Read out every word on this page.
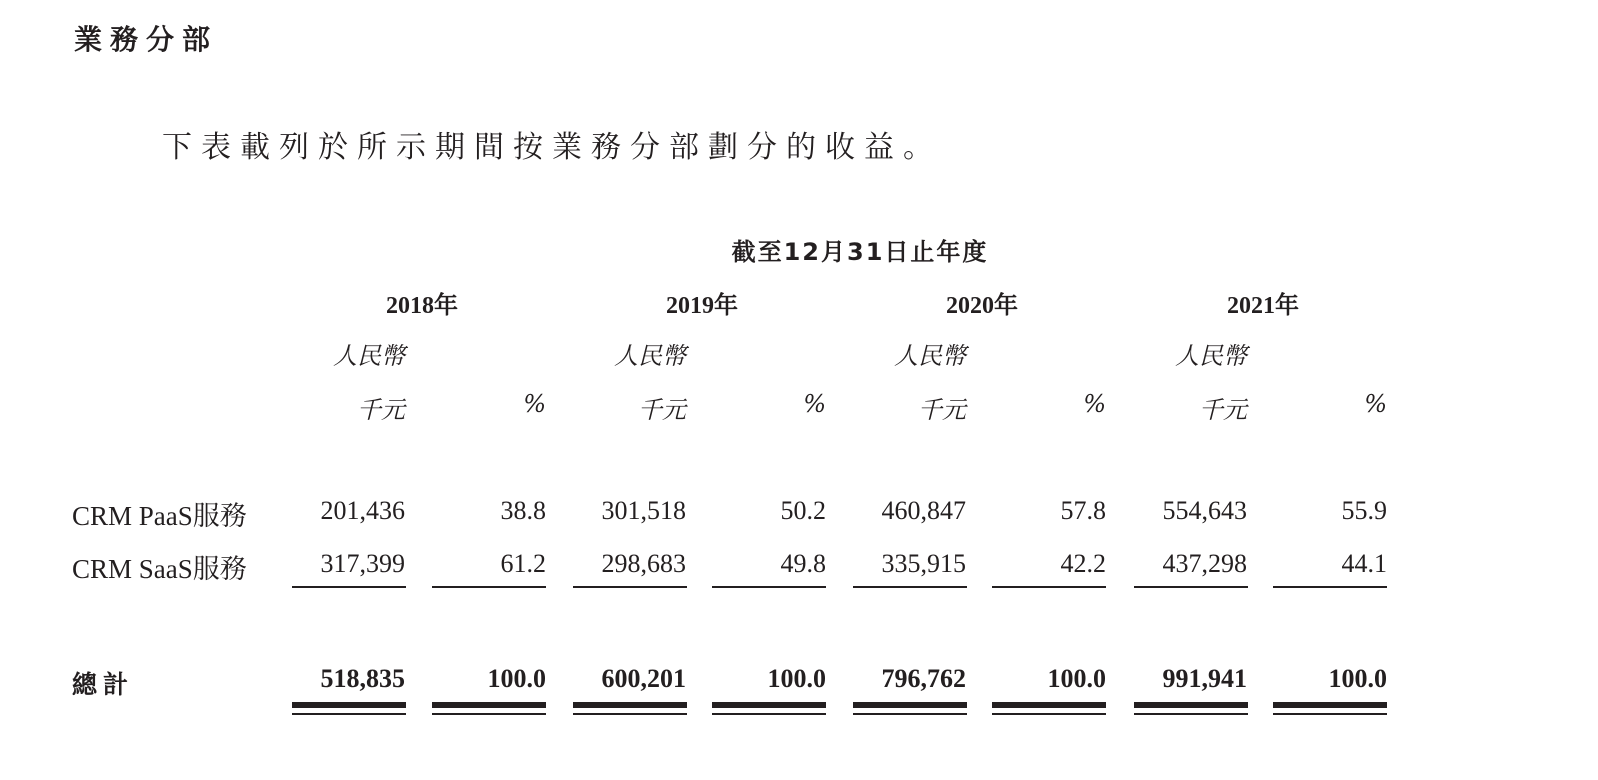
業務分部
下表載列於所示期間按業務分部劃分的收益。
截至12月31日止年度
2018年
人民幣
千元	%
2019年
人民幣
千元	%
2020年
人民幣
千元	%
2021年
人民幣
千元	%
CRM PaaS服務	201,436	38.8	301,518	50.2	460,847	57.8	554,643	55.9
CRM SaaS服務	317,399	61.2	298,683	49.8	335,915	42.2	437,298	44.1
總計	518,835	100.0	600,201	100.0	796,762	100.0	991,941	100.0
